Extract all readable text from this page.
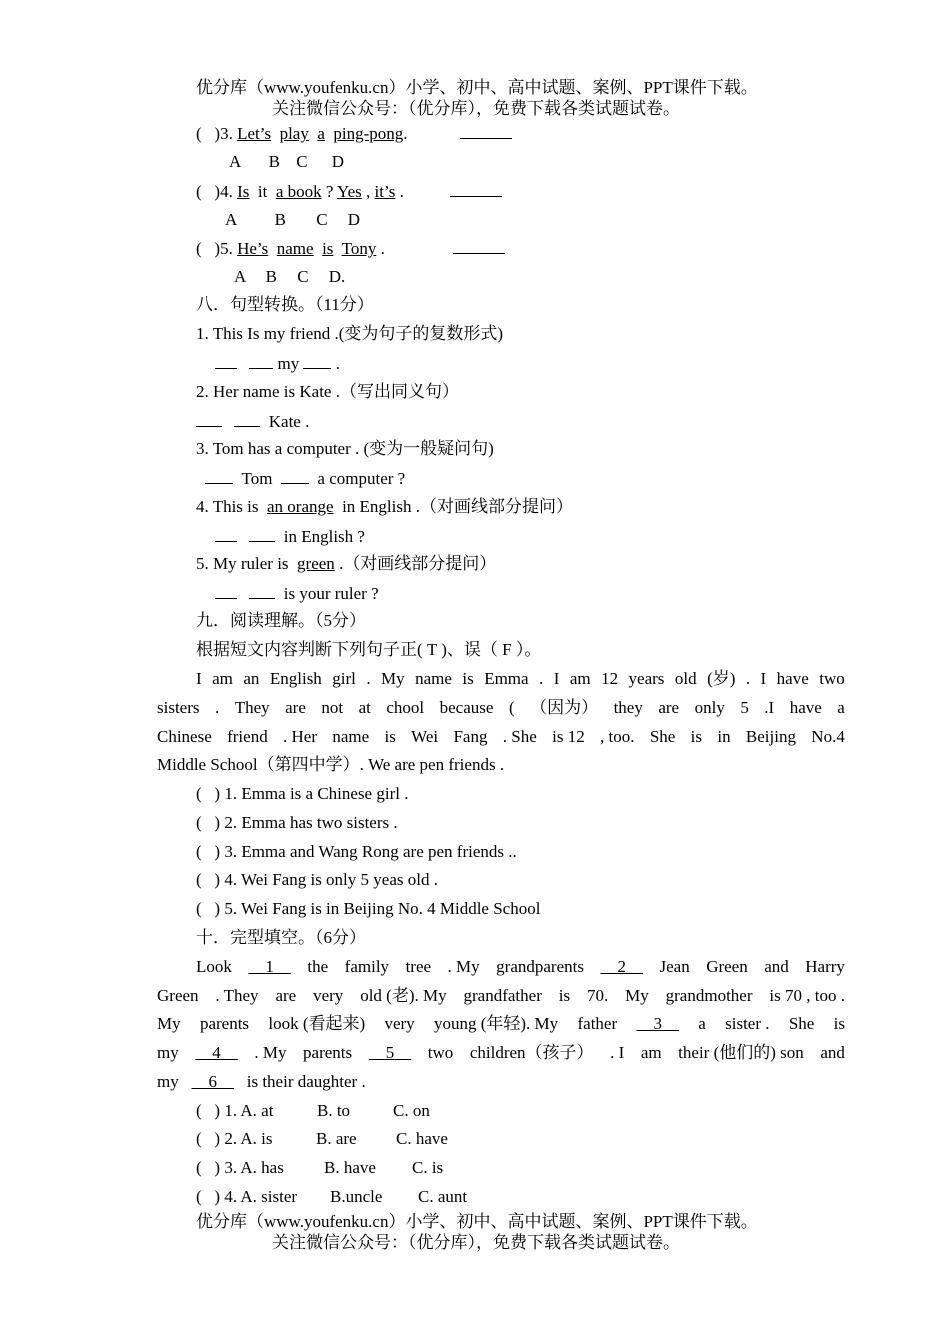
优分库（www.youfenku.cn）小学、初中、高中试题、案例、PPT课件下载。
关注微信公众号：（优分库），免费下载各类试题试卷。
(   )3. Let’s play a ping-pong.
A B C D
(   )4. Is it a book ? Yes , it’s .
A B C D
(   )5. He’s name is Tony .
A B C D.
八．句型转换。（11分）
1. This Is my friend .(变为句子的复数形式)
my .
2. Her name is Kate .（写出同义句）
Kate .
3. Tom has a computer . (变为一般疑问句)
Tom	a computer ?
4. This is an orange in English .（对画线部分提问）
in English ?
5. My ruler is green .（对画线部分提问）
is your ruler ?
九．阅读理解。（5分）
根据短文内容判断下列句子正( T )、误（ F ）。
I am an English girl . My name is Emma . I am 12 years old (岁) . I have two
sisters . They are not at chool because ( （因为） they are only 5 .I have a
Chinese friend . Her name is Wei Fang . She is 12 , too. She is in Beijing No.4
Middle School（第四中学）. We are pen friends .
(   ) 1. Emma is a Chinese girl .
(   ) 2. Emma has two sisters .
(   ) 3. Emma and Wang Rong are pen friends ..
(   ) 4. Wei Fang is only 5 yeas old .
(   ) 5. Wei Fang is in Beijing No. 4 Middle School
十．完型填空。（6分）
Look	1	the family tree . My grandparents	2	Jean Green and Harry
Green . They are very old (老). My grandfather is 70. My grandmother is 70 , too .
My parents look (看起来) very young (年轻). My father	3	a sister . She is
my	4	. My parents	5	two children（孩子） . I am their (他们的) son and
my 6 is their daughter .
(   ) 1. A. at	B. to	C. on
(   ) 2. A. is	B. are C. have
(   ) 3. A. has B. have C. is
(   ) 4. A. sister B.uncle C. aunt
优分库（www.youfenku.cn）小学、初中、高中试题、案例、PPT课件下载。
关注微信公众号：（优分库），免费下载各类试题试卷。
